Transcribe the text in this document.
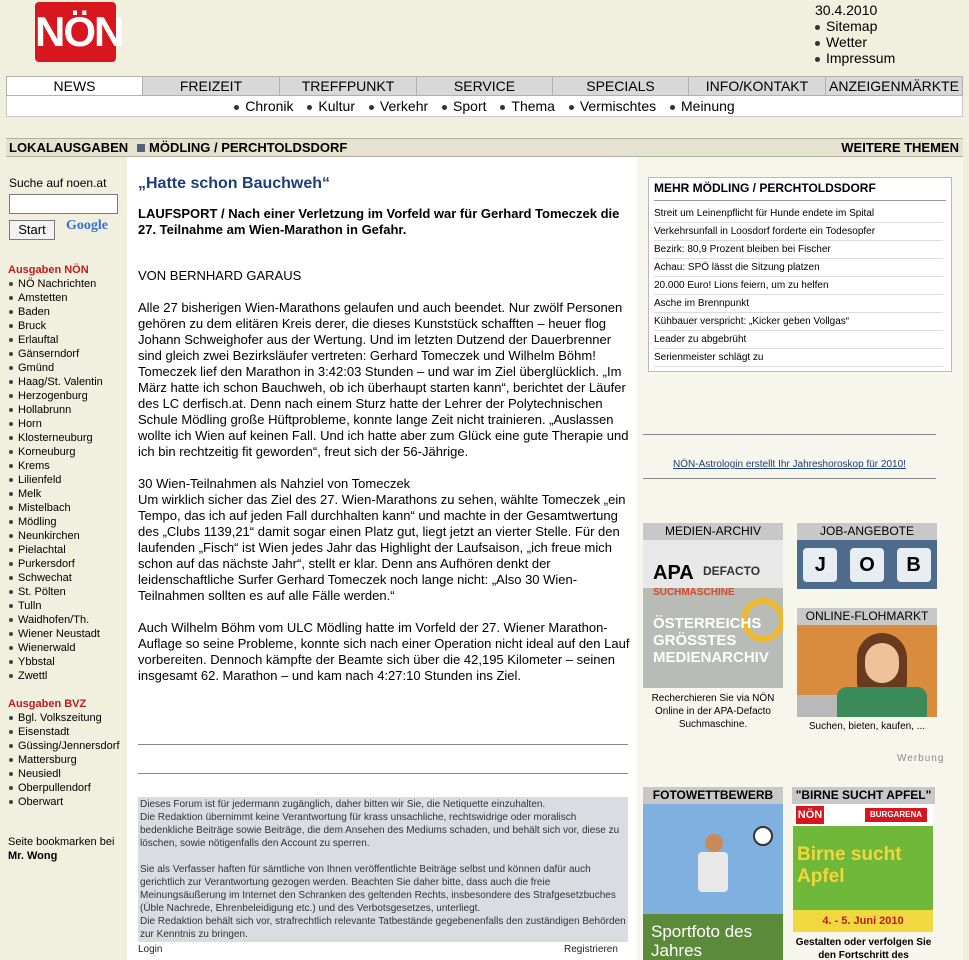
NÖN	30.4.2010
Sitemap
Wetter
Impressum
NEWS	FREIZEIT	TREFFPUNKT	SERVICE	SPECIALS	INFO/KONTAKT	ANZEIGENMÄRKTE
Chronik Kultur Verkehr Sport Thema Vermischtes Meinung
LOKALAUSGABEN MÖDLING / PERCHTOLDSDORF	WEITERE THEMEN
Suche auf noen.at
Start	Google
Ausgaben NÖN
NÖ Nachrichten
Amstetten
Baden
Bruck
Erlauftal
Gänserndorf
Gmünd
Haag/St. Valentin
Herzogenburg
Hollabrunn
Horn
Klosterneuburg
Korneuburg
Krems
Lilienfeld
Melk
Mistelbach
Mödling
Neunkirchen
Pielachtal
Purkersdorf
Schwechat
St. Pölten
Tulln
Waidhofen/Th.
Wiener Neustadt
Wienerwald
Ybbstal
Zwettl
Ausgaben BVZ
Bgl. Volkszeitung
Eisenstadt
Güssing/Jennersdorf
Mattersburg
Neusiedl
Oberpullendorf
Oberwart
Seite bookmarken bei
Mr. Wong
„Hatte schon Bauchweh“
LAUFSPORT / Nach einer Verletzung im Vorfeld war für Gerhard Tomeczek die 27. Teilnahme am Wien-Marathon in Gefahr.
VON BERNHARD GARAUS
Alle 27 bisherigen Wien-Marathons gelaufen und auch beendet. Nur zwölf Personen gehören zu dem elitären Kreis derer, die dieses Kunststück schafften – heuer flog Johann Schweighofer aus der Wertung. Und im letzten Dutzend der Dauerbrenner sind gleich zwei Bezirksläufer vertreten: Gerhard Tomeczek und Wilhelm Böhm! Tomeczek lief den Marathon in 3:42:03 Stunden – und war im Ziel überglücklich. „Im März hatte ich schon Bauchweh, ob ich überhaupt starten kann“, berichtet der Läufer des LC derfisch.at. Denn nach einem Sturz hatte der Lehrer der Polytechnischen Schule Mödling große Hüftprobleme, konnte lange Zeit nicht trainieren. „Auslassen wollte ich Wien auf keinen Fall. Und ich hatte aber zum Glück eine gute Therapie und ich bin rechtzeitig fit geworden“, freut sich der 56-Jährige.
30 Wien-Teilnahmen als Nahziel von Tomeczek
Um wirklich sicher das Ziel des 27. Wien-Marathons zu sehen, wählte Tomeczek „ein Tempo, das ich auf jeden Fall durchhalten kann“ und machte in der Gesamtwertung des „Clubs 1139,21“ damit sogar einen Platz gut, liegt jetzt an vierter Stelle. Für den laufenden „Fisch“ ist Wien jedes Jahr das Highlight der Laufsaison, „ich freue mich schon auf das nächste Jahr“, stellt er klar. Denn ans Aufhören denkt der leidenschaftliche Surfer Gerhard Tomeczek noch lange nicht: „Also 30 Wien-Teilnahmen sollten es auf alle Fälle werden.“
Auch Wilhelm Böhm vom ULC Mödling hatte im Vorfeld der 27. Wiener Marathon-Auflage so seine Probleme, konnte sich nach einer Operation nicht ideal auf den Lauf vorbereiten. Dennoch kämpfte der Beamte sich über die 42,195 Kilometer – seinen insgesamt 62. Marathon – und kam nach 4:27:10 Stunden ins Ziel.
Dieses Forum ist für jedermann zugänglich, daher bitten wir Sie, die Netiquette einzuhalten.
Die Redaktion übernimmt keine Verantwortung für krass unsachliche, rechtswidrige oder moralisch bedenkliche Beiträge sowie Beiträge, die dem Ansehen des Mediums schaden, und behält sich vor, diese zu löschen, sowie nötigenfalls den Account zu sperren.
Sie als Verfasser haften für sämtliche von Ihnen veröffentlichte Beiträge selbst und können dafür auch gerichtlich zur Verantwortung gezogen werden. Beachten Sie daher bitte, dass auch die freie Meinungsäußerung im Internet den Schranken des geltenden Rechts, insbesondere des Strafgesetzbuches (Üble Nachrede, Ehrenbeleidigung etc.) und des Verbotsgesetzes, unterliegt.
Die Redaktion behält sich vor, strafrechtlich relevante Tatbestände gegebenenfalls den zuständigen Behörden zur Kenntnis zu bringen.
Login	Registrieren
MEHR MÖDLING / PERCHTOLDSDORF
Streit um Leinenpflicht für Hunde endete im Spital
Verkehrsunfall in Loosdorf forderte ein Todesopfer
Bezirk: 80,9 Prozent bleiben bei Fischer
Achau: SPÖ lässt die Sitzung platzen
20.000 Euro! Lions feiern, um zu helfen
Asche im Brennpunkt
Kühbauer verspricht: „Kicker geben Vollgas“
Leader zu abgebrüht
Serienmeister schlägt zu
NÖN-Astrologin erstellt Ihr Jahreshoroskop für 2010!
MEDIEN-ARCHIV
APA DEFACTO
SUCHMASCHINE
ÖSTERREICHS GRÖSSTES MEDIENARCHIV
Recherchieren Sie via NÖN Online in der APA-Defacto Suchmaschine.
JOB-ANGEBOTE
J	O	B
ONLINE-FLOHMARKT
Suchen, bieten, kaufen, ...
Werbung
FOTOWETTBEWERB
Sportfoto des Jahres
"BIRNE SUCHT APFEL"
NÖN	BURGARENA
Birne sucht Apfel
4. - 5. Juni 2010
Gestalten oder verfolgen Sie den Fortschritt des
